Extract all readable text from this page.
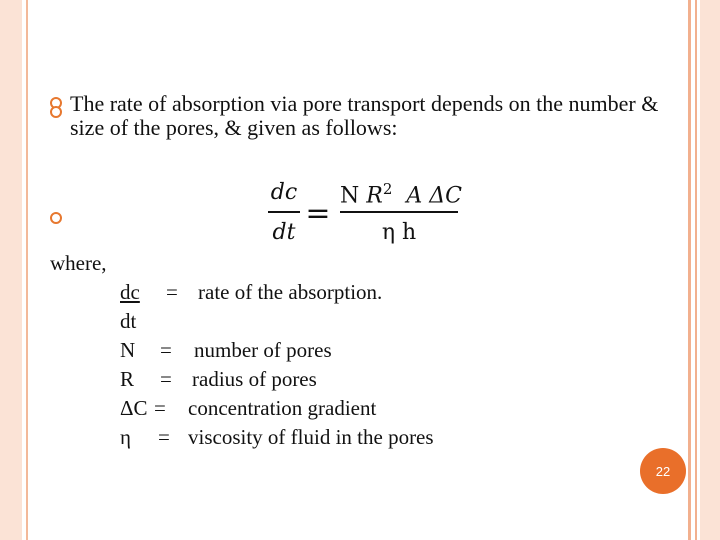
The rate of absorption via pore transport depends on the number &
size of the pores, & given as follows:
dc
dt
=
N $R^2$ A ΔC
η h
where,
dc = rate of the absorption.
dt
N = number of pores
R = radius of pores
ΔC = concentration gradient
η = viscosity of fluid in the pores
22
